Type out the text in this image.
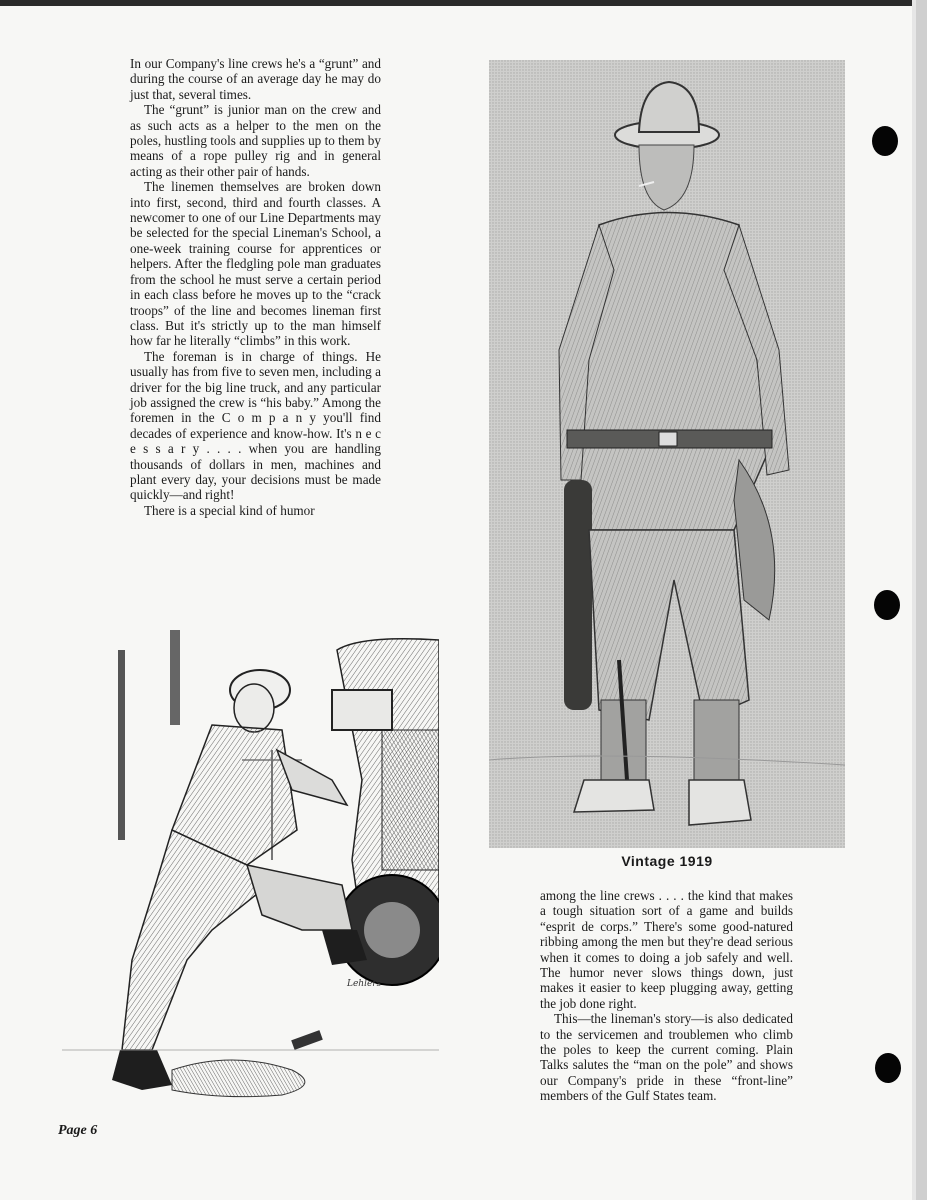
In our Company's line crews he's a “grunt” and during the course of an average day he may do just that, several times.

The “grunt” is junior man on the crew and as such acts as a helper to the men on the poles, hustling tools and supplies up to them by means of a rope pulley rig and in general acting as their other pair of hands.

The linemen themselves are broken down into first, second, third and fourth classes. A newcomer to one of our Line Departments may be selected for the special Lineman's School, a one-week training course for apprentices or helpers. After the fledgling pole man graduates from the school he must serve a certain period in each class before he moves up to the “crack troops” of the line and becomes lineman first class. But it's strictly up to the man himself how far he literally “climbs” in this work.

The foreman is in charge of things. He usually has from five to seven men, including a driver for the big line truck, and any particular job assigned the crew is “his baby.” Among the foremen in the C o m p a n y you'll find decades of experience and know-how. It's n e c e s s a r y . . . . when you are handling thousands of dollars in men, machines and plant every day, your decisions must be made quickly—and right!

There is a special kind of humor

Lehlers
Vintage 1919

among the line crews . . . . the kind that makes a tough situation sort of a game and builds “esprit de corps.” There's some good-natured ribbing among the men but they're dead serious when it comes to doing a job safely and well. The humor never slows things down, just makes it easier to keep plugging away, getting the job done right.

This—the lineman's story—is also dedicated to the servicemen and troublemen who climb the poles to keep the current coming. Plain Talks salutes the “man on the pole” and shows our Company's pride in these “front-line” members of the Gulf States team.

Page 6
